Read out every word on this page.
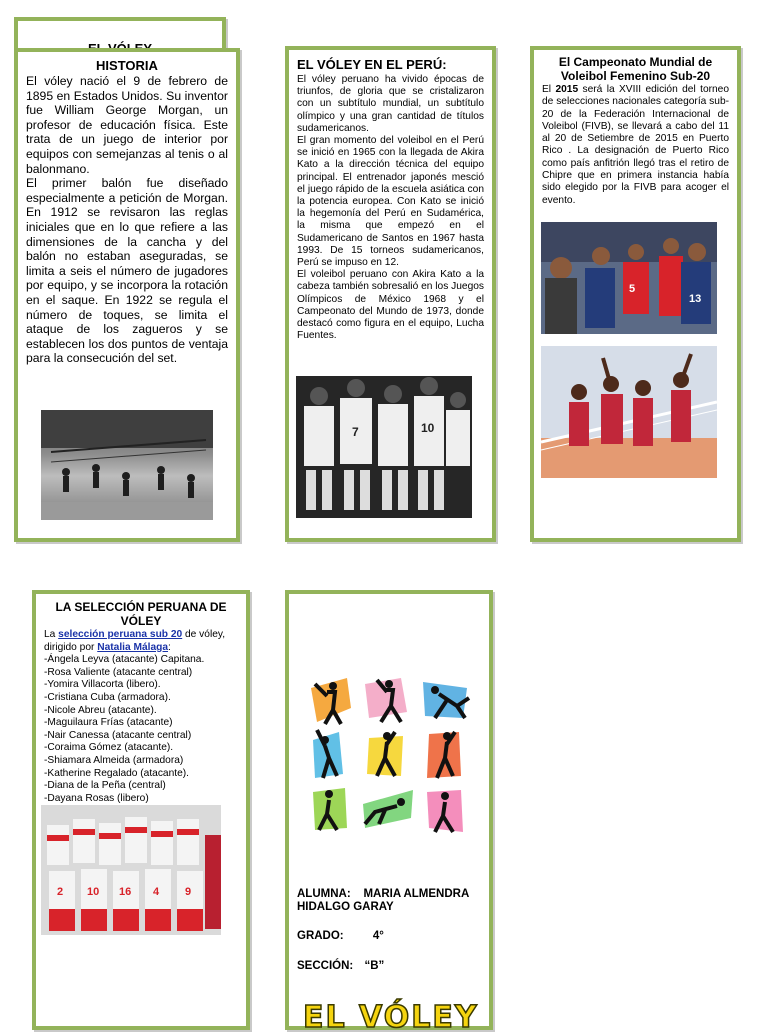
HISTORIA

El vóley nació el 9 de febrero de 1895 en Estados Unidos. Su inventor fue William George Morgan, un profesor de educación física. Este trata de un juego de interior por equipos con semejanzas al tenis o al balonmano.

El primer balón fue diseñado especialmente a petición de Morgan. En 1912 se revisaron las reglas iniciales que en lo que refiere a las dimensiones de la cancha y del balón no estaban aseguradas, se limita a seis el número de jugadores por equipo, y se incorpora la rotación en el saque. En 1922 se regula el número de toques, se limita el ataque de los zagueros y se establecen los dos puntos de ventaja para la consecución del set.

EL VÓLEY EN EL PERÚ:

El vóley peruano ha vivido épocas de triunfos, de gloria que se cristalizaron con un subtítulo mundial, un subtítulo olímpico y una gran cantidad de títulos sudamericanos.

El gran momento del voleibol en el Perú se inició en 1965 con la llegada de Akira Kato a la dirección técnica del equipo principal. El entrenador japonés mesció el juego rápido de la escuela asiática con la potencia europea. Con Kato se inició la hegemonía del Perú en Sudamérica, la misma que empezó en el Sudamericano de Santos en 1967 hasta 1993. De 15 torneos sudamericanos, Perú se impuso en 12.

El voleibol peruano con Akira Kato a la cabeza también sobresalió en los Juegos Olímpicos de México 1968 y el Campeonato del Mundo de 1973, donde destacó como figura en el equipo, Lucha Fuentes.

7	10

El Campeonato Mundial de Voleibol Femenino Sub-20

El 2015 será la XVIII edición del torneo de selecciones nacionales categoría sub-20 de la Federación Internacional de Voleibol (FIVB), se llevará a cabo del 11 al 20 de Setiembre de 2015 en Puerto Rico . La designación de Puerto Rico como país anfitrión llegó tras el retiro de Chipre que en primera instancia había sido elegido por la FIVB para acoger el evento.

5
13

LA SELECCIÓN PERUANA DE VÓLEY

La selección peruana sub 20 de vóley, dirigido por Natalia Málaga:

-Ángela Leyva (atacante) Capitana.
-Rosa Valiente (atacante central)
-Yomira Villacorta (libero).
-Cristiana Cuba (armadora).
-Nicole Abreu (atacante).
-Maguilaura Frías (atacante)
-Nair Canessa (atacante central)
-Coraima Gómez (atacante).
-Shiamara Almeida (armadora)
-Katherine Regalado (atacante).
-Diana de la Peña (central)
-Dayana Rosas (libero)
2 10 16 4 9	ALUMNA: MARIA ALMENDRA HIDALGO GARAY
GRADO:	4°
SECCIÓN: “B”
EL VÓLEY
